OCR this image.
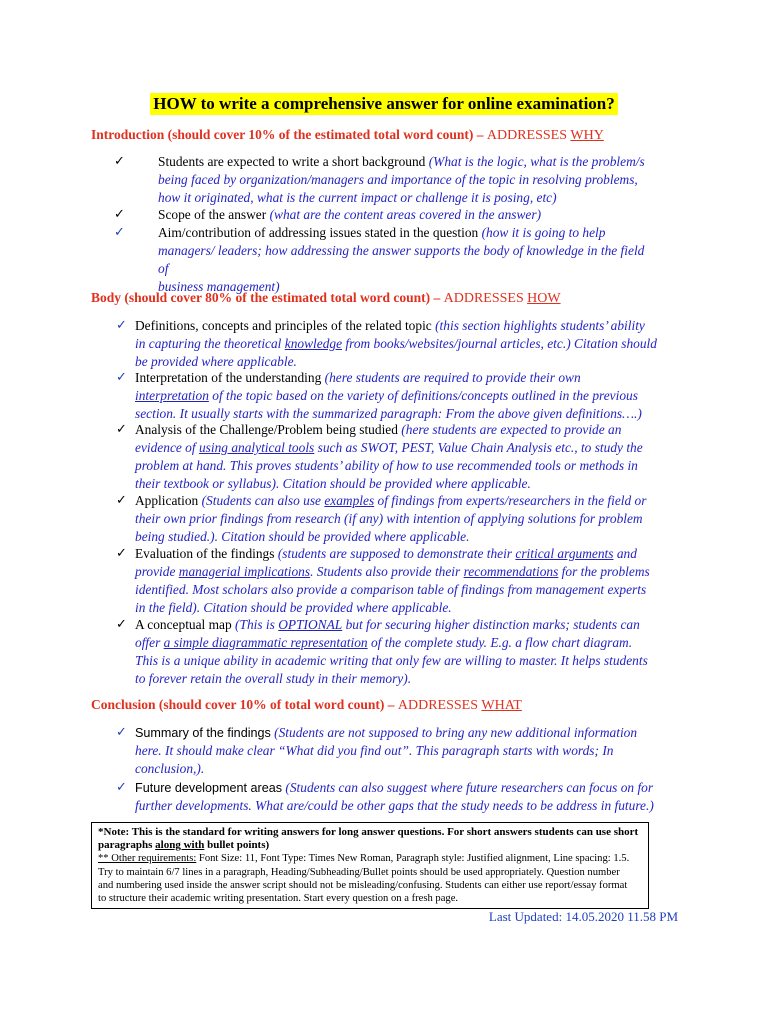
HOW to write a comprehensive answer for online examination?
Introduction (should cover 10% of the estimated total word count) – ADDRESSES WHY
✓ Students are expected to write a short background (What is the logic, what is the problem/s
being faced by organization/managers and importance of the topic in resolving problems,
how it originated, what is the current impact or challenge it is posing, etc)
✓ Scope of the answer (what are the content areas covered in the answer)
✓ Aim/contribution of addressing issues stated in the question (how it is going to help
managers/ leaders; how addressing the answer supports the body of knowledge in the field of
business management)
Body (should cover 80% of the estimated total word count) – ADDRESSES HOW
✓ Definitions, concepts and principles of the related topic (this section highlights students’ ability
in capturing the theoretical knowledge from books/websites/journal articles, etc.) Citation should
be provided where applicable.
✓ Interpretation of the understanding (here students are required to provide their own
interpretation of the topic based on the variety of definitions/concepts outlined in the previous
section. It usually starts with the summarized paragraph: From the above given definitions….)
✓ Analysis of the Challenge/Problem being studied (here students are expected to provide an
evidence of using analytical tools such as SWOT, PEST, Value Chain Analysis etc., to study the
problem at hand. This proves students’ ability of how to use recommended tools or methods in
their textbook or syllabus). Citation should be provided where applicable.
✓ Application (Students can also use examples of findings from experts/researchers in the field or
their own prior findings from research (if any) with intention of applying solutions for problem
being studied.). Citation should be provided where applicable.
✓ Evaluation of the findings (students are supposed to demonstrate their critical arguments and
provide managerial implications. Students also provide their recommendations for the problems
identified. Most scholars also provide a comparison table of findings from management experts
in the field). Citation should be provided where applicable.
✓ A conceptual map (This is OPTIONAL but for securing higher distinction marks; students can
offer a simple diagrammatic representation of the complete study. E.g. a flow chart diagram.
This is a unique ability in academic writing that only few are willing to master. It helps students
to forever retain the overall study in their memory).
Conclusion (should cover 10% of total word count) – ADDRESSES WHAT
✓ Summary of the findings (Students are not supposed to bring any new additional information
here. It should make clear “What did you find out”. This paragraph starts with words; In
conclusion,).
✓ Future development areas (Students can also suggest where future researchers can focus on for
further developments. What are/could be other gaps that the study needs to be address in future.)
*Note: This is the standard for writing answers for long answer questions. For short answers students can use short paragraphs along with bullet points)
** Other requirements: Font Size: 11, Font Type: Times New Roman, Paragraph style: Justified alignment, Line spacing: 1.5.
Try to maintain 6/7 lines in a paragraph, Heading/Subheading/Bullet points should be used appropriately. Question number
and numbering used inside the answer script should not be misleading/confusing. Students can either use report/essay format
to structure their academic writing presentation. Start every question on a fresh page.
Last Updated: 14.05.2020 11.58 PM
